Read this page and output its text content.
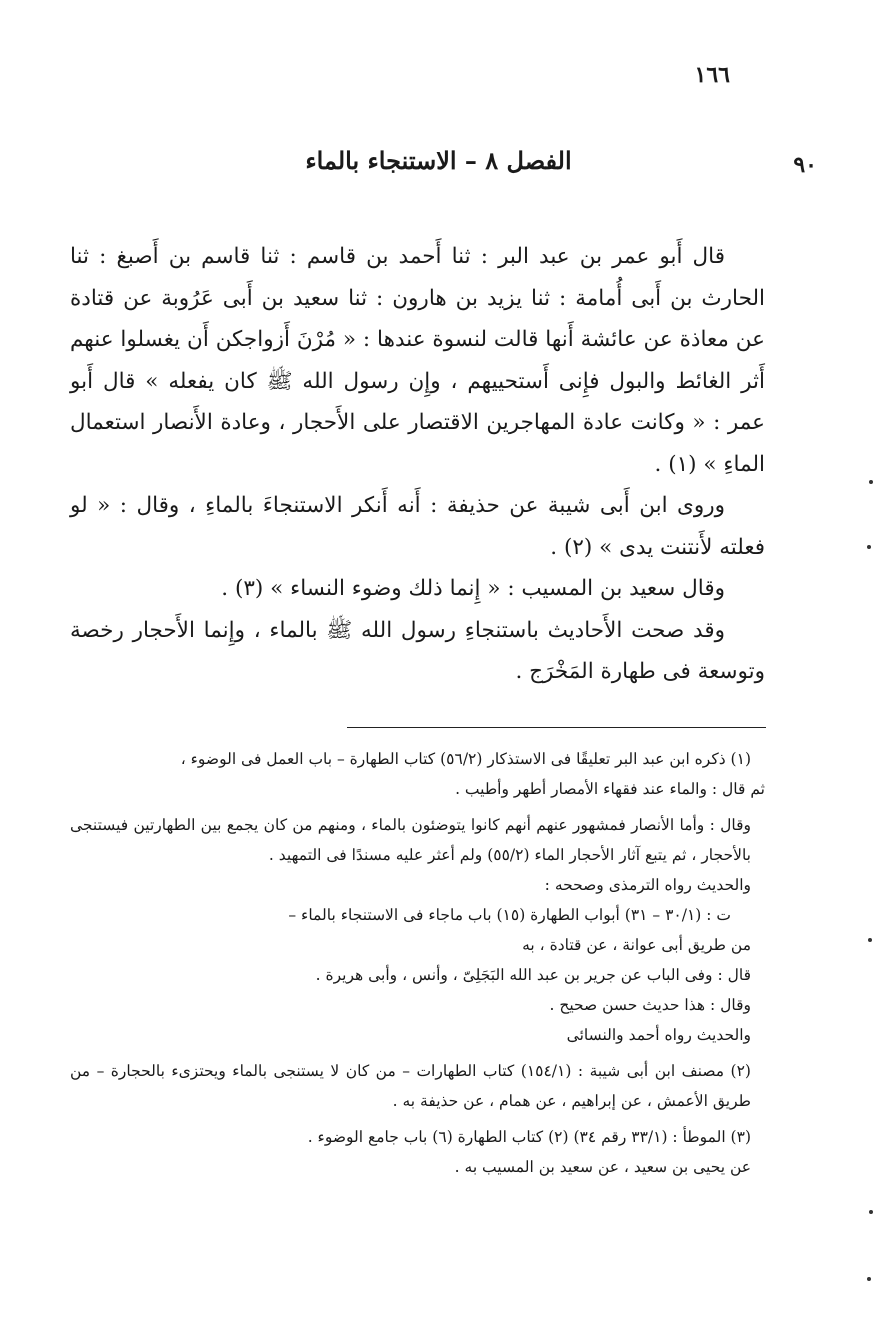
١٦٦
٩٠
الفصل ٨ – الاستنجاء بالماء

قال أَبو عمر بن عبد البر : ثنا أَحمد بن قاسم : ثنا قاسم بن أَصبغ : ثنا الحارث بن أَبى أُمامة : ثنا يزيد بن هارون : ثنا سعيد بن أَبى عَرُوبة عن قتادة عن معاذة عن عائشة أَنها قالت لنسوة عندها : « مُرْنَ أَزواجكن أَن يغسلوا عنهم أَثر الغائط والبول فإِنى أَستحييهم ، وإِن رسول الله ﷺ كان يفعله » قال أَبو عمر : « وكانت عادة المهاجرين الاقتصار على الأَحجار ، وعادة الأَنصار استعمال الماءِ » (١) .

وروى ابن أَبى شيبة عن حذيفة : أَنه أَنكر الاستنجاءَ بالماءِ ، وقال : « لو فعلته لأَنتنت يدى » (٢) .

وقال سعيد بن المسيب : « إِنما ذلك وضوء النساء » (٣) .

وقد صحت الأَحاديث باستنجاءِ رسول الله ﷺ بالماء ، وإِنما الأَحجار رخصة وتوسعة فى طهارة المَخْرَج .

(١) ذكره ابن عبد البر تعليقًا فى الاستذكار (٥٦/٢) كتاب الطهارة – باب العمل فى الوضوء ،

ثم قال : والماء عند فقهاء الأمصار أطهر وأطيب .

وقال : وأما الأنصار فمشهور عنهم أنهم كانوا يتوضئون بالماء ، ومنهم من كان يجمع بين الطهارتين فيستنجى بالأحجار ، ثم يتبع آثار الأحجار الماء (٥٥/٢) ولم أعثر عليه مسندًا فى التمهيد .

والحديث رواه الترمذى وصححه :

ت : (٣٠/١ – ٣١) أبواب الطهارة (١٥) باب ماجاء فى الاستنجاء بالماء –

من طريق أبى عوانة ، عن قتادة ، به

قال : وفى الباب عن جرير بن عبد الله البَجَلِىّ ، وأنس ، وأبى هريرة .

وقال : هذا حديث حسن صحيح .

والحديث رواه أحمد والنسائى

(٢) مصنف ابن أبى شيبة : (١٥٤/١) كتاب الطهارات – من كان لا يستنجى بالماء ويحتزىء بالحجارة – من طريق الأعمش ، عن إبراهيم ، عن همام ، عن حذيفة به .

(٣) الموطأ : (٣٣/١ رقم ٣٤) (٢) كتاب الطهارة (٦) باب جامع الوضوء .

عن يحيى بن سعيد ، عن سعيد بن المسيب به .
